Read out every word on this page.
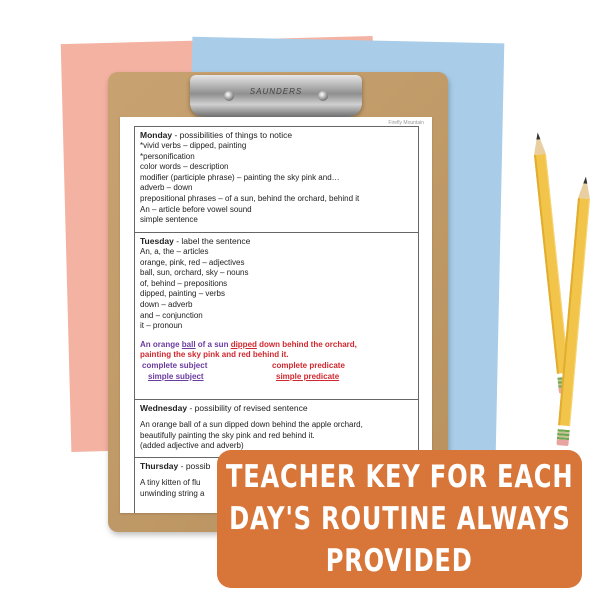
SAUNDERS
Firefly Mountain
Monday - possibilities of things to notice
*vivid verbs – dipped, painting
*personification
color words – description
modifier (participle phrase) – painting the sky pink and…
adverb – down
prepositional phrases – of a sun, behind the orchard, behind it
An – article before vowel sound
simple sentence
Tuesday - label the sentence
An, a, the – articles
orange, pink, red – adjectives
ball, sun, orchard, sky – nouns
of, behind – prepositions
dipped, painting – verbs
down – adverb
and – conjunction
it – pronoun
An orange ball of a sun dipped down behind the orchard,
painting the sky pink and red behind it.
complete subject
simple subject
complete predicate
simple predicate
Wednesday - possibility of revised sentence
An orange ball of a sun dipped down behind the apple orchard,
beautifully painting the sky pink and red behind it.
(added adjective and adverb)
Thursday - possib
A tiny kitten of flu
unwinding string a TEACHER KEY FOR EACH
DAY'S ROUTINE ALWAYS
PROVIDED
